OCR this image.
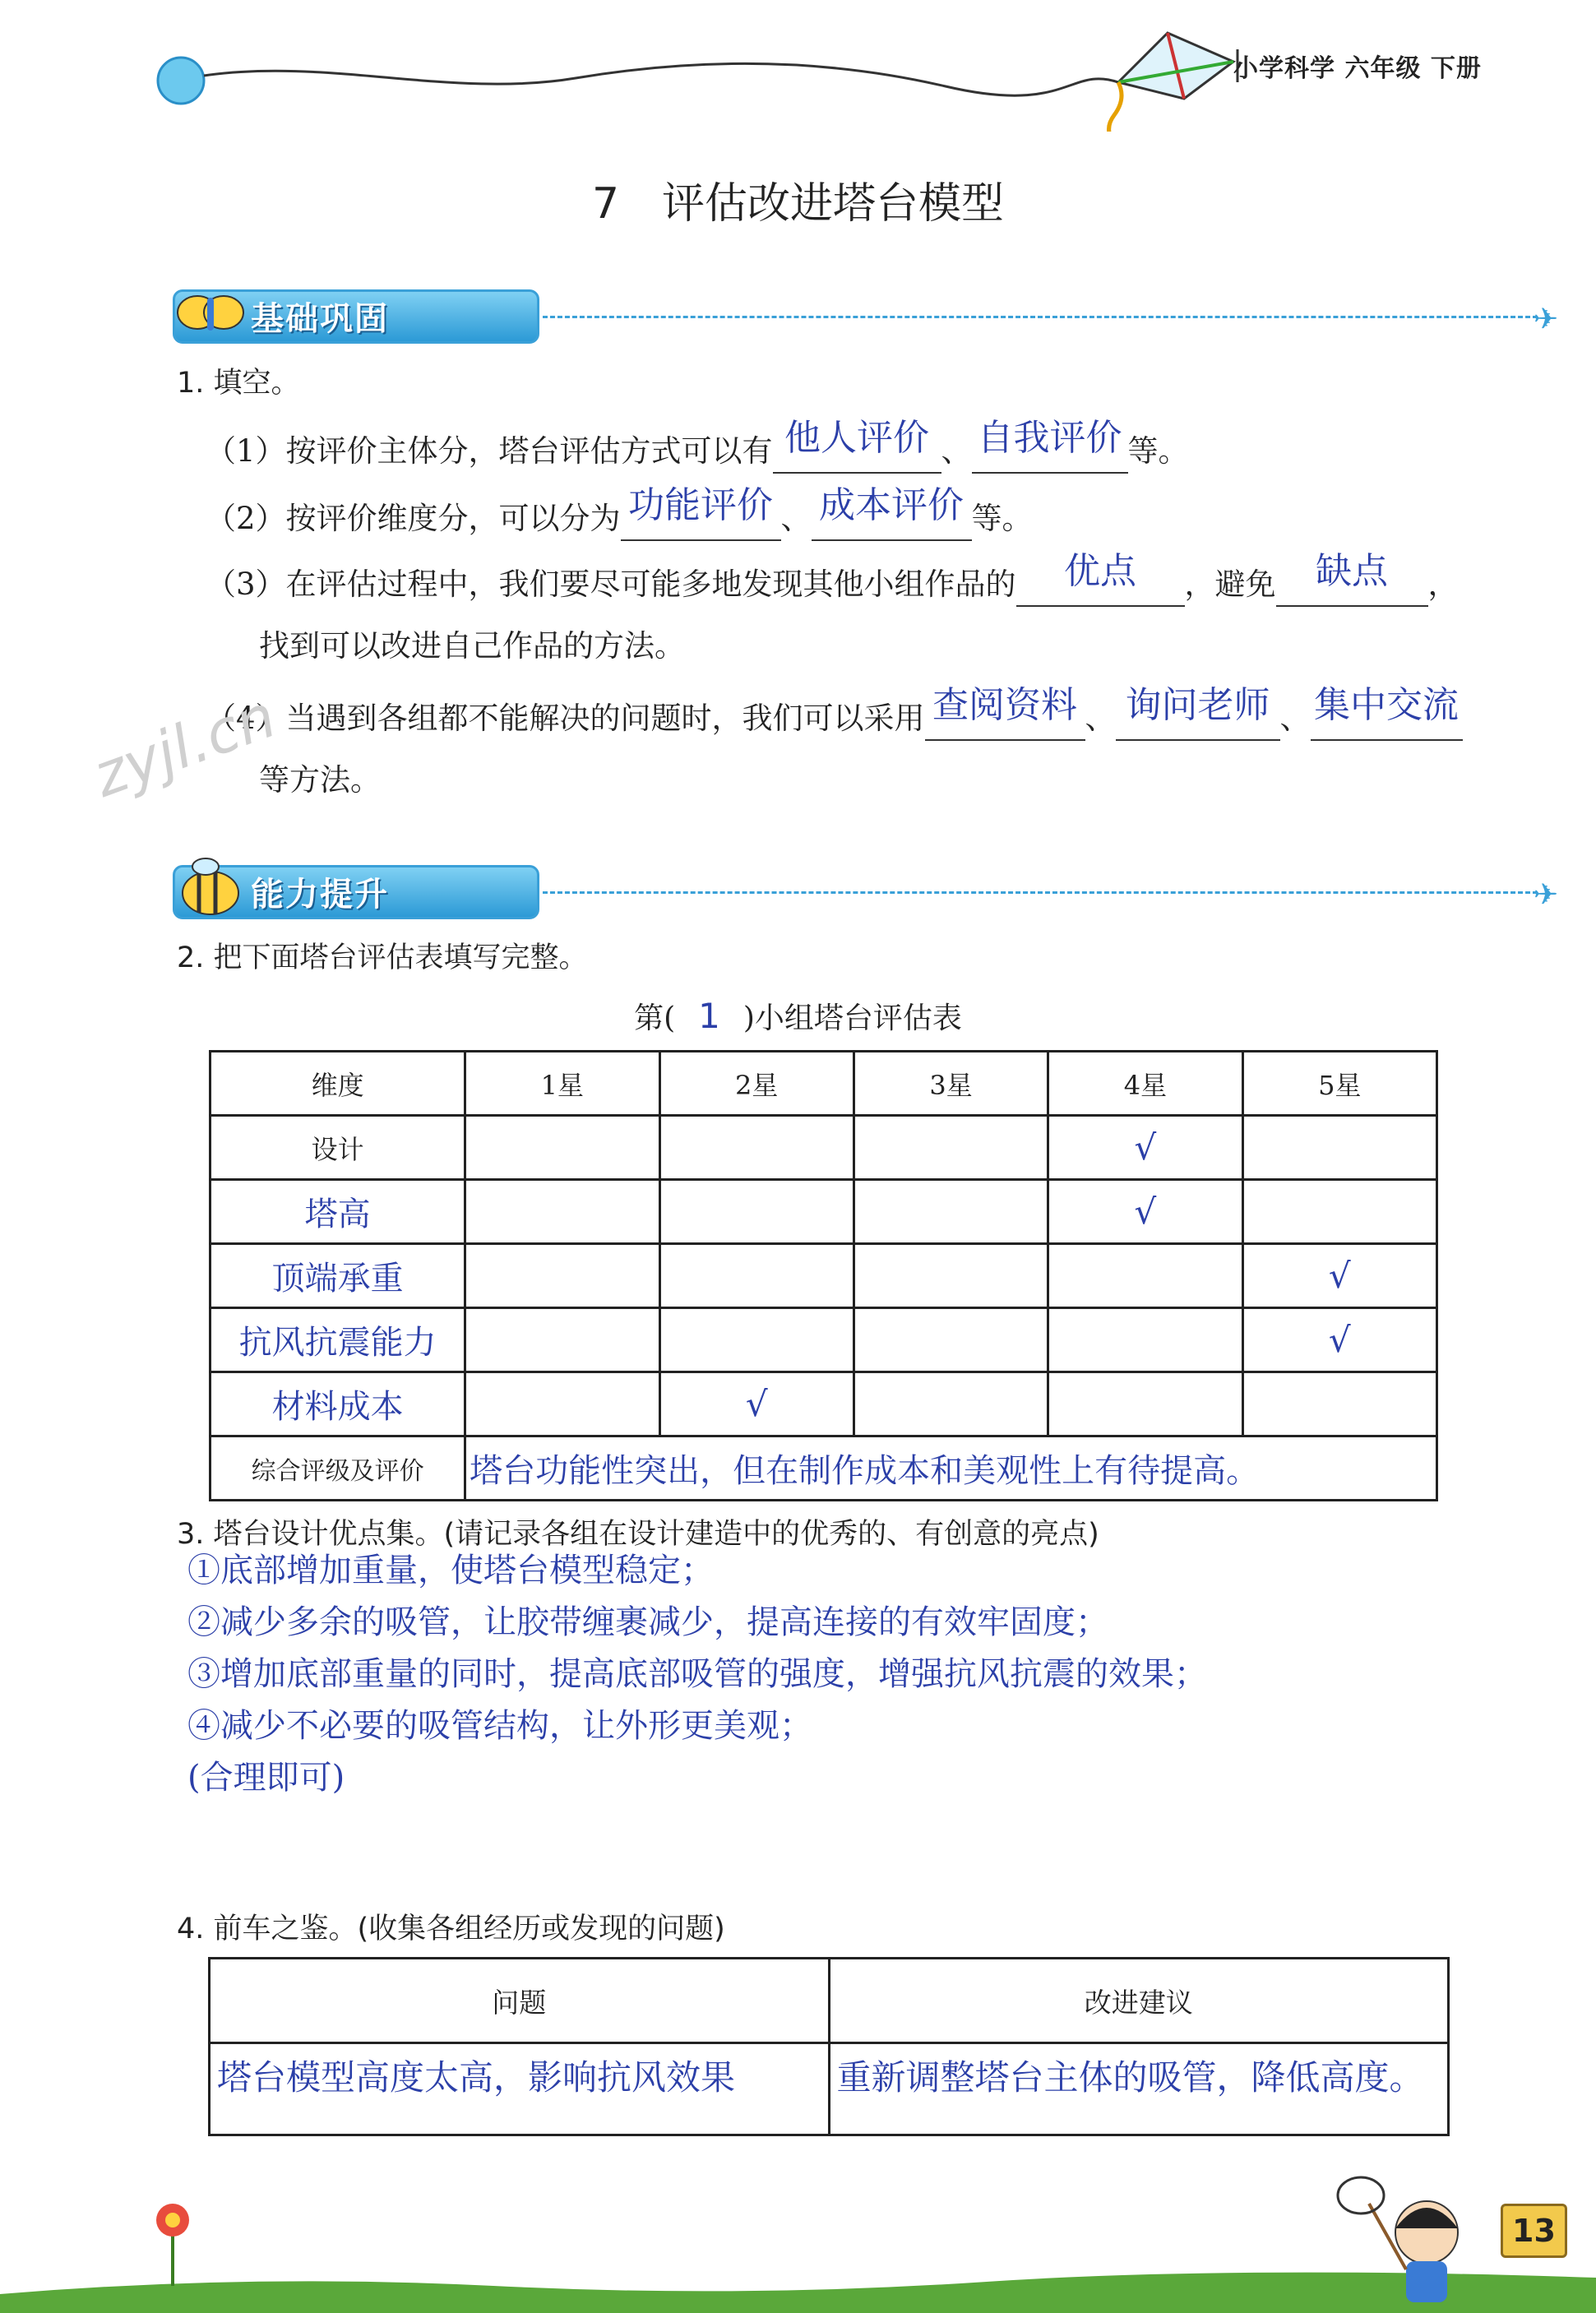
小学科学 六年级 下册
7　评估改进塔台模型
基础巩固	✈
1. 填空。
（1）按评价主体分，塔台评估方式可以有 他人评价 、 自我评价 等。
（2）按评价维度分，可以分为 功能评价 、 成本评价 等。
（3）在评估过程中，我们要尽可能多地发现其他小组作品的 优点 ，避免 缺点 ，
找到可以改进自己作品的方法。
（4）当遇到各组都不能解决的问题时，我们可以采用 查阅资料 、 询问老师 、 集中交流
等方法。
zyjl.cn
能力提升	✈
2. 把下面塔台评估表填写完整。
第( 1 )小组塔台评估表
维度	1星	2星	3星	4星	5星
设计				√	
塔高				√	
顶端承重					√
抗风抗震能力					√
材料成本		√			
综合评级及评价	塔台功能性突出，但在制作成本和美观性上有待提高。				
3. 塔台设计优点集。(请记录各组在设计建造中的优秀的、有创意的亮点)
①底部增加重量，使塔台模型稳定；
②减少多余的吸管，让胶带缠裹减少，提高连接的有效牢固度；
③增加底部重量的同时，提高底部吸管的强度，增强抗风抗震的效果；
④减少不必要的吸管结构，让外形更美观；
(合理即可)
4. 前车之鉴。(收集各组经历或发现的问题)
问题	改进建议
塔台模型高度太高，影响抗风效果	重新调整塔台主体的吸管，降低高度。
13
